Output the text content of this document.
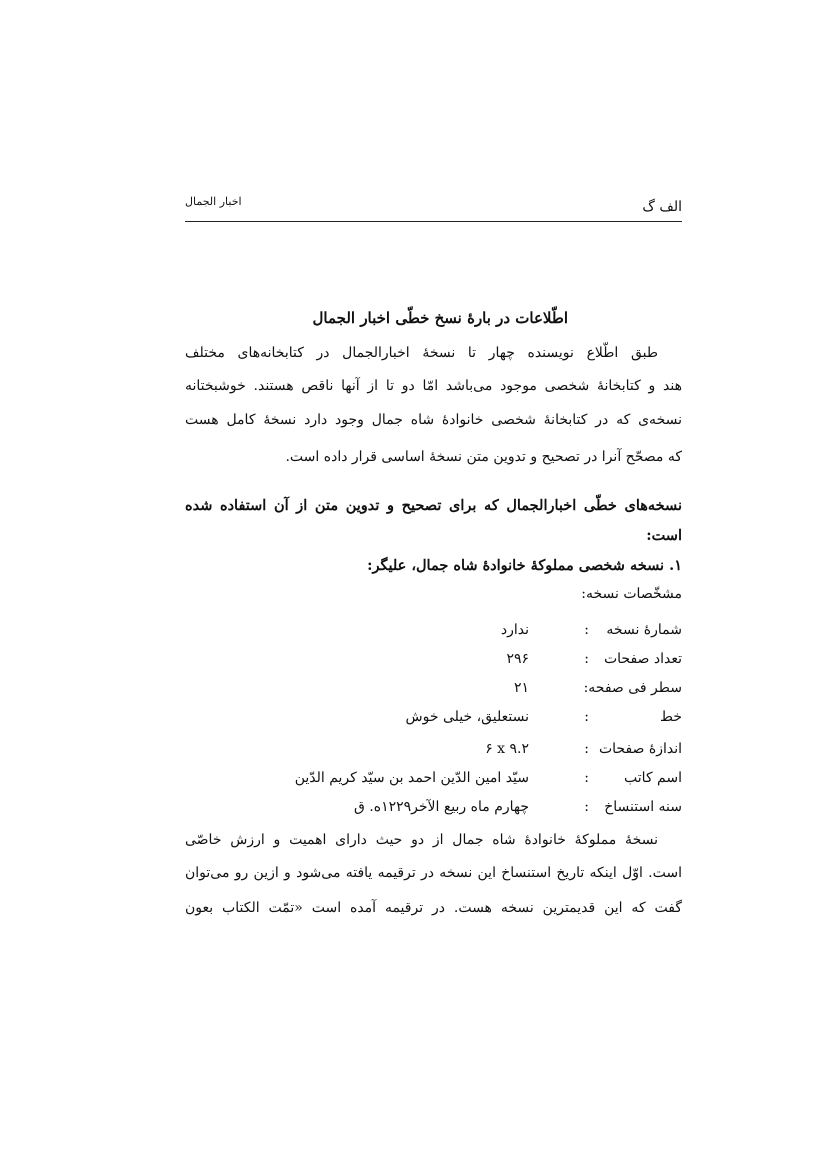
الف گ
اخبار الجمال
اطّلاعات در بارۀ نسخ خطّی اخبار الجمال
طبق اطّلاع نویسنده چهار تا نسخۀ اخبارالجمال در کتابخانه‌های مختلف
هند و کتابخانۀ شخصی موجود می‌باشد امّا دو تا از آنها ناقص هستند. خوشبختانه
نسخه‌ی که در کتابخانۀ شخصی خانوادۀ شاه جمال وجود دارد نسخۀ کامل هست
که مصحّح آنرا در تصحیح و تدوین متن نسخۀ اساسی قرار داده است.
نسخه‌های خطّی اخبارالجمال که برای تصحیح و تدوین متن از آن استفاده شده
است:
۱. نسخه شخصی مملوکۀ خانوادۀ شاه جمال، علیگر:
مشخّصات نسخه:
شمارۀ نسخه
:
ندارد
تعداد صفحات
:
۲۹۶
سطر فی صفحه:
۲۱
خط
:
نستعلیق، خیلی خوش
اندازۀ صفحات
:
۶ x ۹.۲
اسم کاتب
:
سیّد امین الدّین احمد بن سیّد کریم الدّین
سنه استنساخ
:
چهارم ماه ربیع الآخر۱۲۲۹ه. ق
نسخۀ مملوکۀ خانوادۀ شاه جمال از دو حیث دارای اهمیت و ارزش خاصّی
است. اوّل اینکه تاریخ استنساخ این نسخه در ترقیمه یافته می‌شود و ازین رو می‌توان
گفت که این قدیمترین نسخه هست. در ترقیمه آمده است «تمّت الکتاب بعون
